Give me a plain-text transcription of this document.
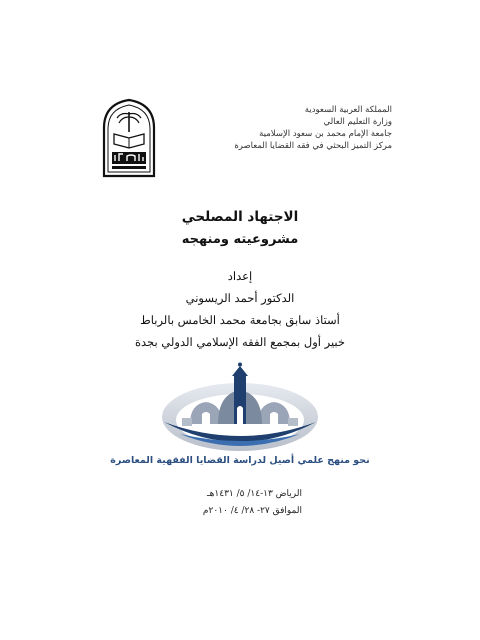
المملكة العربية السعودية
وزارة التعليم العالي
جامعة الإمام محمد بن سعود الإسلامية
مركز التميز البحثي في فقه القضايا المعاصرة
الاجتهاد المصلحي
مشروعيته ومنهجه
إعداد
الدكتور أحمد الريسوني
أستاذ سابق بجامعة محمد الخامس بالرباط
خبير أول بمجمع الفقه الإسلامي الدولي بجدة
نحو منهج علمي أصيل لدراسة القضايا الفقهية المعاصرة
الرياض ١٣-١٤/ ٥/ ١٤٣١هـ
الموافق ٢٧- ٢٨/ ٤/ ٢٠١٠م
